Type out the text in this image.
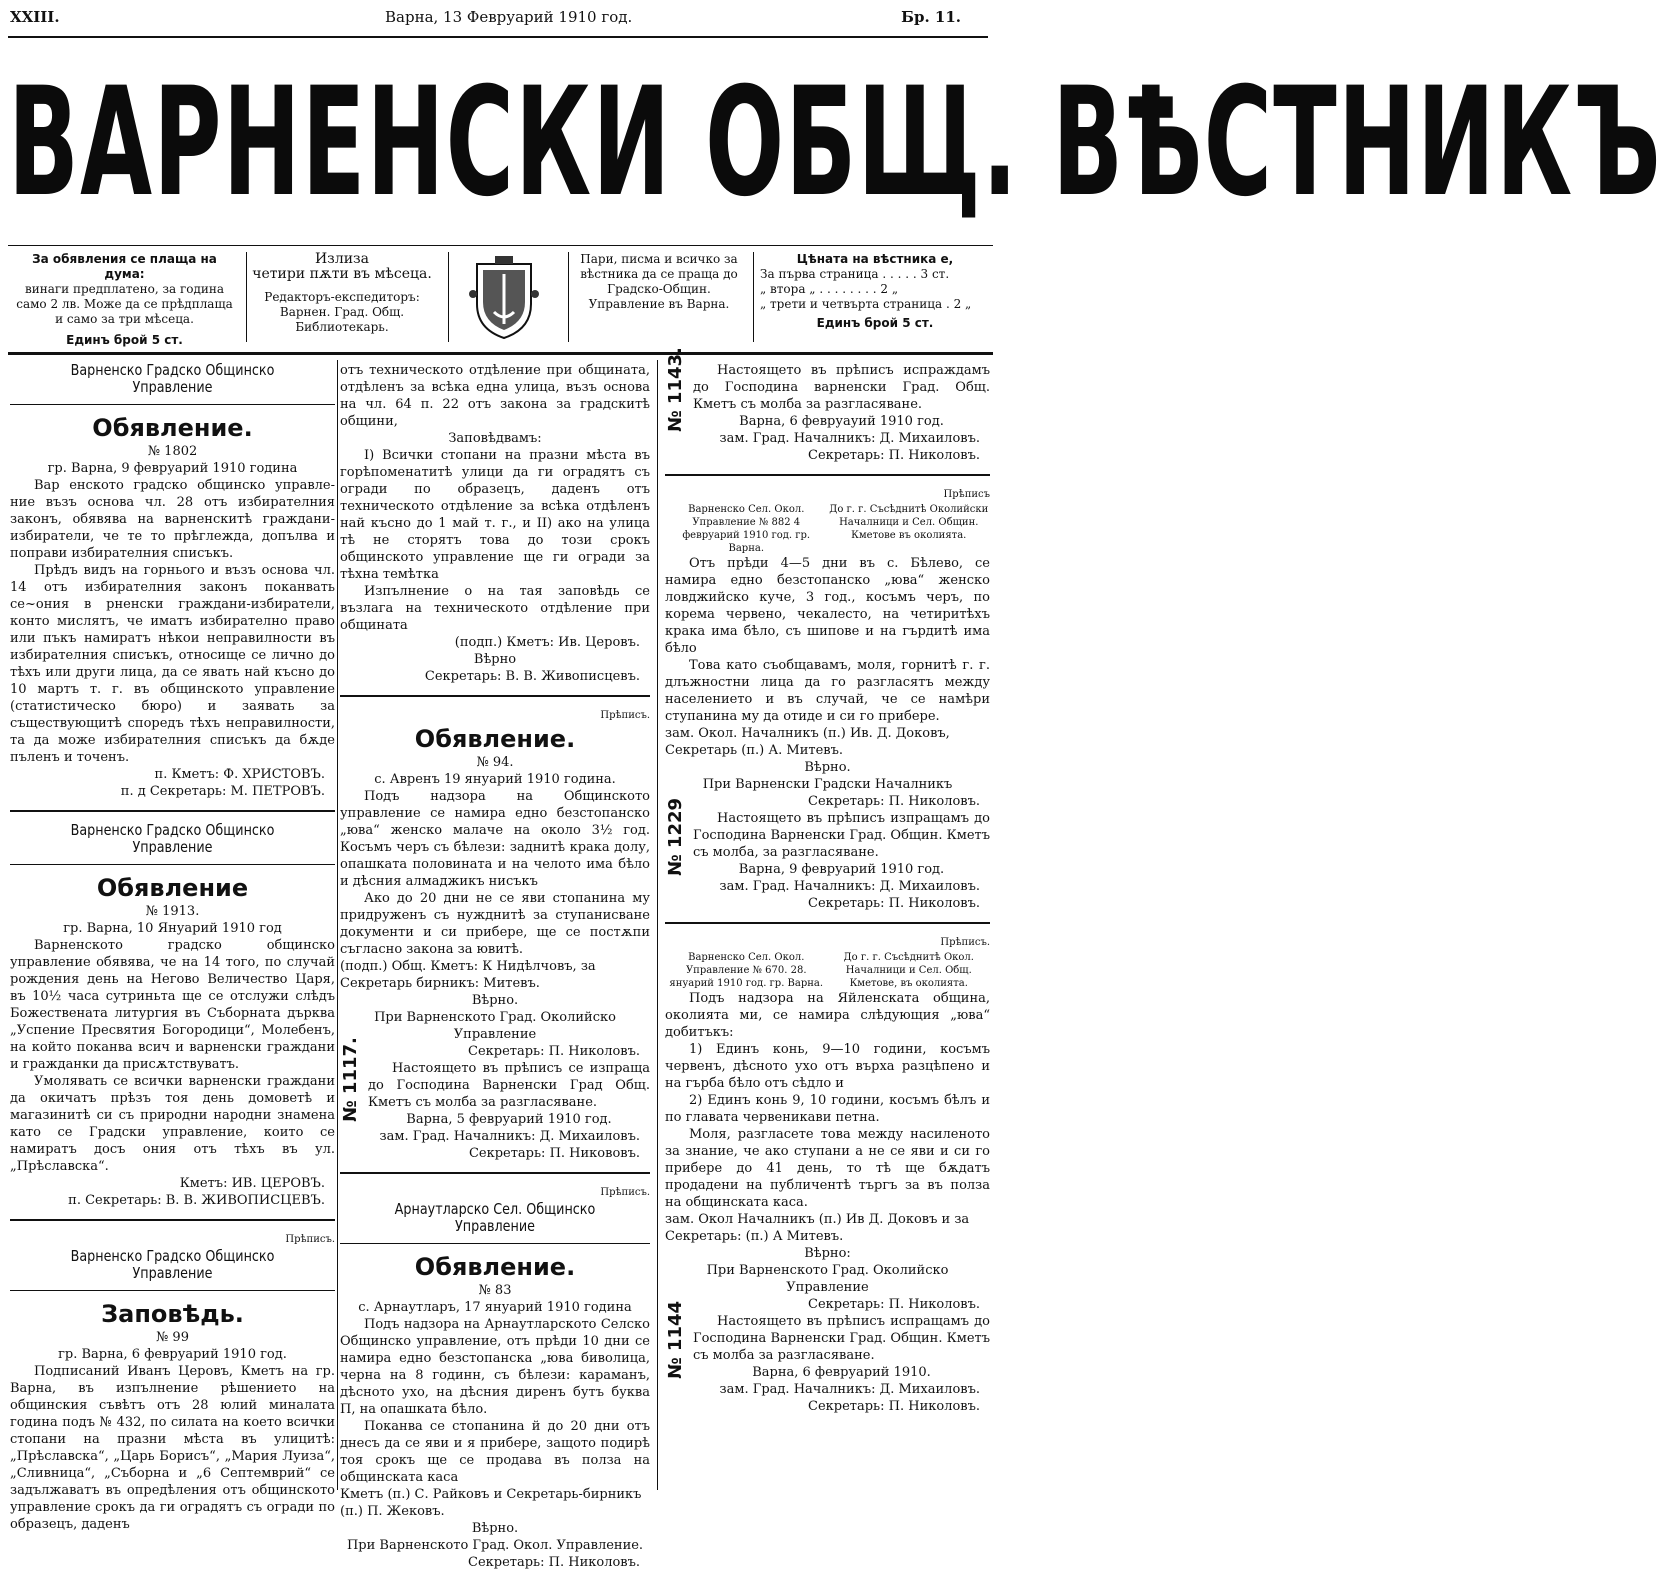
XXIII.	Варна, 13 Февруарий 1910 год.	Бр. 11.
ВАРНЕНСКИ ОБЩ. ВѢСТНИКЪ
За обявления се плаща на дума:
винаги предплатено, за година само 2 лв. Може да се прѣдплаща и само за три мѣсеца.
Единъ брой 5 ст.
Излиза
четири пѫти въ мѣсеца.
Редакторъ-експедиторъ: Варнен. Град. Общ. Библиотекарь.
Пари, писма и всичко за вѣстника да се праща до Градско-Общин. Управление въ Варна.
Цѣната на вѣстника е,
За първа страница . . . . . 3 ст.
„ втора „ . . . . . . . . 2 „
„ трети и четвърта страница . 2 „
Единъ брой 5 ст.
Варненско Градско Общинско Управление
Обявление.
№ 1802
гр. Варна, 9 февруарий 1910 година

Вар енското градско общинско управле-ние възъ основа чл. 28 отъ избирателния законъ, обявява на варненскитѣ граждани- избиратели, че те то прѣглежда, допълва и поправи избирателния списъкъ.

Прѣдъ видъ на горнього и възъ основа чл. 14 отъ избирателния законъ поканвать се~ония в рненски граждани-избиратели, конто мислятъ, че иматъ избирателно право или пъкъ намиратъ нѣкои неправилности въ избирателния списъкъ, относище се лично до тѣхъ или други лица, да се явать най късно до 10 мартъ т. г. въ общинското управление (статистическо бюро) и заявать за съществующитѣ споредъ тѣхъ неправилности, та да може избирателния списъкъ да бѫде пъленъ и точенъ.

п. Кметъ: Ф. ХРИСТОВЪ.
п. д Секретарь: М. ПЕТРОВЪ.
Варненско Градско Общинско Управление
Обявление
№ 1913.
гр. Варна, 10 Януарий 1910 год

Варненското градско общинско управление обявява, че на 14 того, по случай рождения день на Негово Величество Царя, въ 10½ часа сутриньта ще се отслужи слѣдъ Божествената литургия въ Съборната дърква „Успение Пресвятия Богородици“, Молебенъ, на който поканва всич и варненски граждани и гражданки да присѫтствуватъ.

Умолявать се всички варненски граждани да окичатъ прѣзъ тоя день домоветѣ и магазинитѣ си съ природни народни знамена като се Градски управление, които се намиратъ досъ ония отъ тѣхъ въ ул. „Прѣславска“.

Кметъ: ИВ. ЦЕРОВЪ.
п. Секретарь: В. В. ЖИВОПИСЦЕВЪ.
Прѣписъ.
Варненско Градско Общинско Управление
Заповѣдь.
№ 99
гр. Варна, 6 февруарий 1910 год.

Подписаний Иванъ Церовъ, Кметъ на гр. Варна, въ изпълнение рѣшението на общинския съвѣтъ отъ 28 юлий миналата година подъ № 432, по силата на което всички стопани на празни мѣста въ улицитѣ: „Прѣславска“, „Царь Борисъ“, „Мария Луиза“, „Сливница“, „Съборна и „6 Септемврий“ се задължаватъ въ опредѣления отъ общинското управление срокъ да ги оградятъ съ огради по образецъ, даденъ

отъ техническото отдѣление при общината, отдѣленъ за всѣка една улица, възъ основа на чл. 64 п. 22 отъ закона за градскитѣ общини,

Заповѣдвамъ:

I) Всички стопани на празни мѣста въ горѣпоменатитѣ улици да ги оградятъ съ огради по образецъ, даденъ отъ техническото отдѣление за всѣка отдѣленъ най късно до 1 май т. г., и II) ако на улица тѣ не сторятъ това до този срокъ общинското управление ще ги огради за тѣхна темѣтка

Изпълнение о на тая заповѣдь се възлага на техническото отдѣление при общината

(подп.) Кметъ: Ив. Церовъ.
Вѣрно
Секретарь: В. В. Живописцевъ.
Прѣписъ.
Обявление.
№ 94.
с. Авренъ 19 януарий 1910 година.

Подъ надзора на Общинското управление се намира едно безстопанско „юва“ женско малаче на около 3½ год. Косъмъ черъ съ бѣлези: заднитѣ крака долу, опашката половината и на челото има бѣло и дѣсния алмаджикъ нисъкъ

Ако до 20 дни не се яви стопанина му придруженъ съ нужднитѣ за ступанисване документи и си прибере, ще се постѫпи съгласно закона за ювитѣ.

(подп.) Общ. Кметъ: К Нидѣлчовъ, за Секретарь бирникъ: Митевъ.
Вѣрно.
При Варненското Град. Околийско Управление
Секретарь: П. Николовъ.
№ 1117.	Настоящето въ прѣписъ се изпраща до Господина Варненски Град Общ. Кметъ съ молба за разгласяване.

Варна, 5 февруарий 1910 год.
зам. Град. Началникъ: Д. Михаиловъ.
Секретарь: П. Никововъ.
Прѣписъ.
Арнаутларско Сел. Общинско Управление
Обявление.
№ 83
с. Арнаутларъ, 17 януарий 1910 година

Подъ надзора на Арнаутларското Селско Общинско управление, отъ прѣди 10 дни се намира едно безстопанска „юва биволица, черна на 8 годинн, съ бѣлези: караманъ, дѣсното ухо, на дѣсния диренъ бутъ буква П, на опашката бѣло.

Поканва се стопанина й до 20 дни отъ днесъ да се яви и я прибере, защото подирѣ тоя срокъ ще се продава въ полза на общинската каса

Кметъ (п.) С. Райковъ и Секретарь-бирникъ (п.) П. Жековъ.
Вѣрно.
При Варненското Град. Окол. Управление.
Секретарь: П. Николовъ.
№ 1143.	Настоящето въ прѣписъ испраждамъ до Господина варненски Град. Общ. Кметъ съ молба за разгласяване.

Варна, 6 февруауий 1910 год.
зам. Град. Началникъ: Д. Михаиловъ.
Секретарь: П. Николовъ.
Прѣписъ
Варненско Сел. Окол. Управление № 882 4 февруарий 1910 год. гр. Варна.
До г. г. Съсѣднитѣ Околийски Началници и Сел. Общин. Кметове въ околията.

Отъ прѣди 4—5 дни въ с. Бѣлево, се намира едно безстопанско „юва“ женско ловджийско куче, 3 год., косъмъ черъ, по корема червено, чекалесто, на четиритѣхъ крака има бѣло, съ шипове и на гърдитѣ има бѣло

Това като съобщавамъ, моля, горнитѣ г. г. длъжностни лица да го разгласятъ между населението и въ случай, че се намѣри ступанина му да отиде и си го прибере.

зам. Окол. Началникъ (п.) Ив. Д. Доковъ, Секретарь (п.) А. Митевъ.
Вѣрно.
При Варненски Градски Началникъ
Секретарь: П. Николовъ.
№ 1229	Настоящето въ прѣписъ изпращамъ до Господина Варненски Град. Общин. Кметъ съ молба, за разгласяване.

Варна, 9 февруарий 1910 год.
зам. Град. Началникъ: Д. Михаиловъ.
Секретарь: П. Николовъ.
Прѣписъ.
Варненско Сел. Окол. Управление № 670. 28. януарий 1910 год. гр. Варна.
До г. г. Съсѣднитѣ Окол. Началници и Сел. Общ. Кметове, въ околията.

Подъ надзора на Яйленската община, околията ми, се намира слѣдующия „юва“ добитъкъ:

1) Единъ конь, 9—10 години, косъмъ червенъ, дѣсното ухо отъ върха разцѣпено и на гърба бѣло отъ сѣдло и

2) Единъ конь 9, 10 години, косъмъ бѣлъ и по главата червеникави петна.

Моля, разгласете това между насиленото за знание, че ако ступани а не се яви и си го прибере до 41 день, то тѣ ще бѫдатъ продадени на публичентѣ търгъ за въ полза на общинската каса.

зам. Окол Началникъ (п.) Ив Д. Доковъ и за Секретарь: (п.) А Митевъ.
Вѣрно:
При Варненското Град. Околийско Управление
Секретарь: П. Николовъ.
№ 1144	Настоящето въ прѣписъ испращамъ до Господина Варненски Град. Общин. Кметъ съ молба за разгласяване.

Варна, 6 февруарий 1910.
зам. Град. Началникъ: Д. Михаиловъ.
Секретарь: П. Николовъ.
